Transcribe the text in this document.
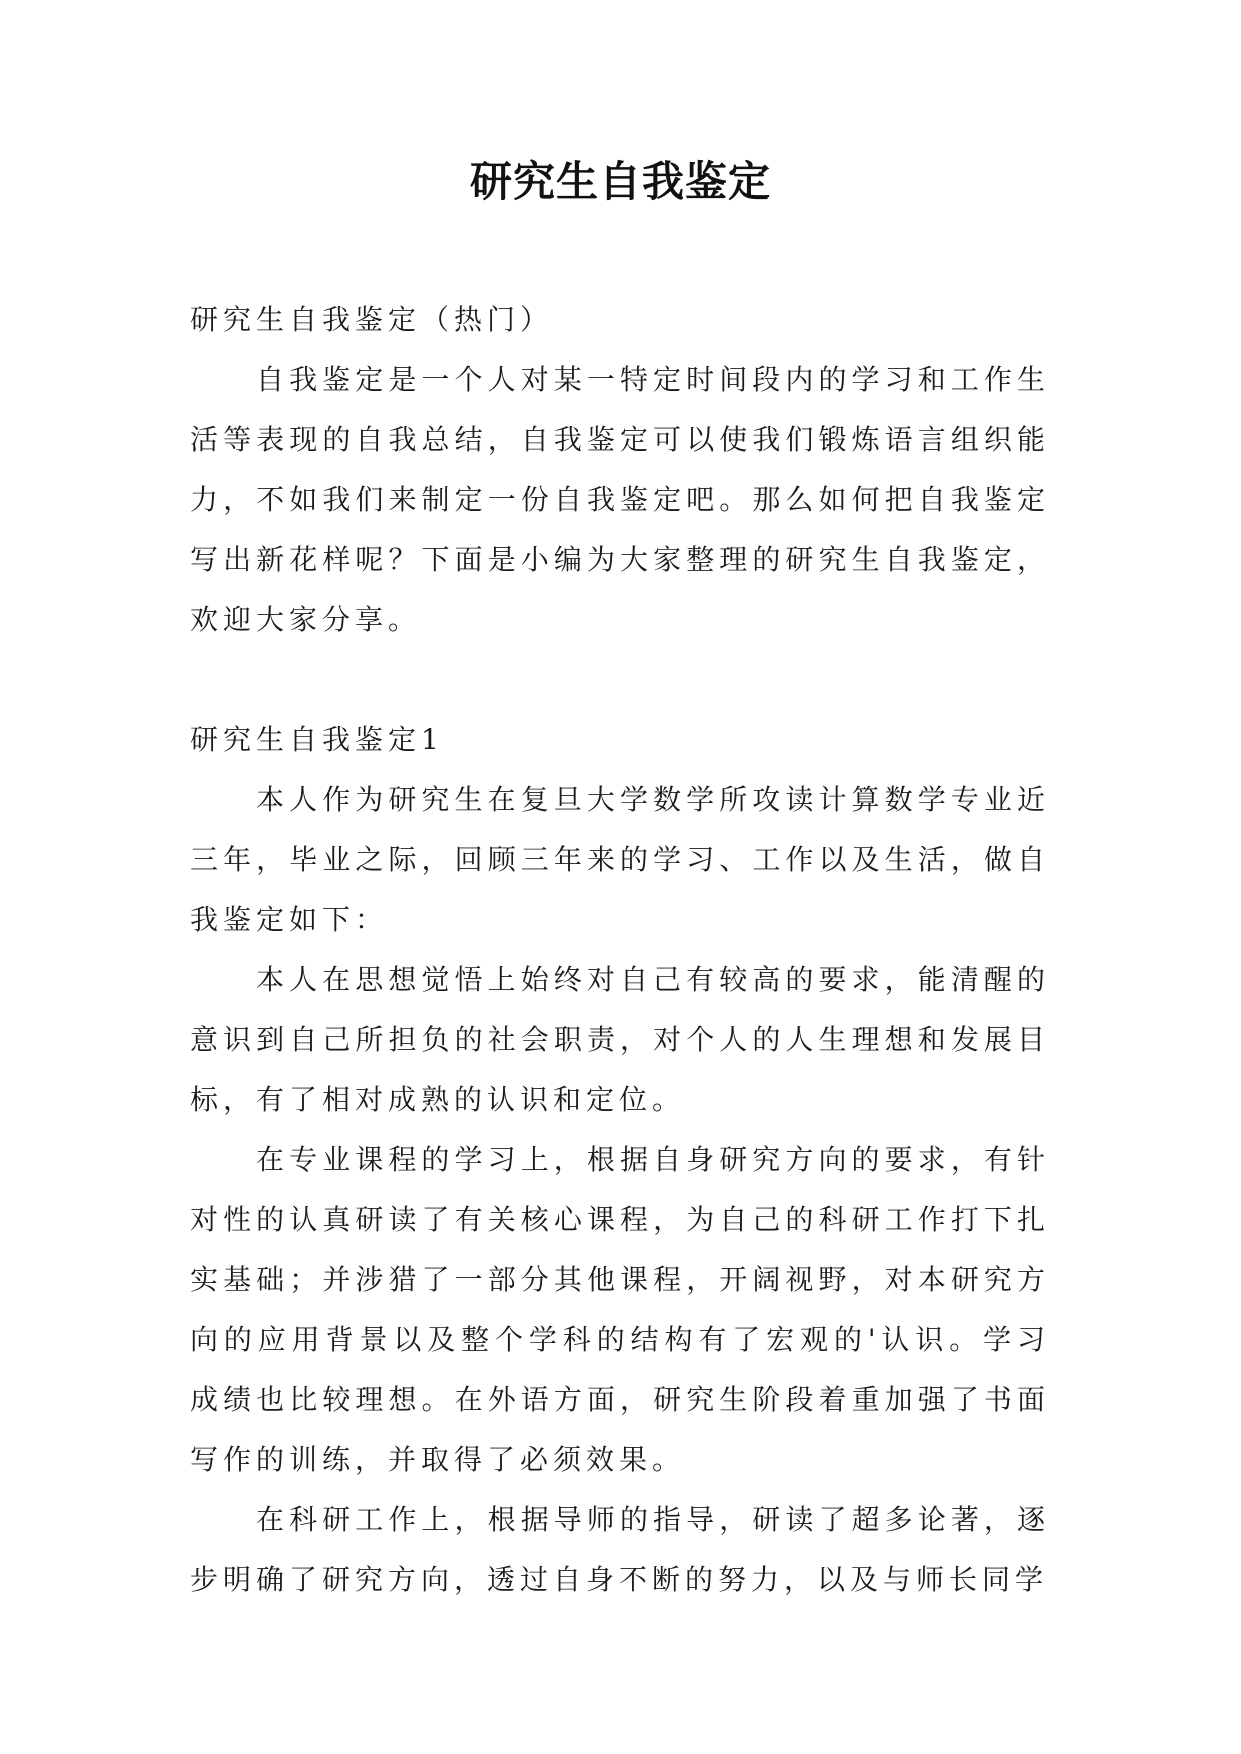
研究生自我鉴定

研究生自我鉴定（热门）

自我鉴定是一个人对某一特定时间段内的学习和工作生活等表现的自我总结，自我鉴定可以使我们锻炼语言组织能力，不如我们来制定一份自我鉴定吧。那么如何把自我鉴定写出新花样呢？下面是小编为大家整理的研究生自我鉴定，欢迎大家分享。

研究生自我鉴定1

本人作为研究生在复旦大学数学所攻读计算数学专业近三年，毕业之际，回顾三年来的学习、工作以及生活，做自我鉴定如下：

本人在思想觉悟上始终对自己有较高的要求，能清醒的意识到自己所担负的社会职责，对个人的人生理想和发展目标，有了相对成熟的认识和定位。

在专业课程的学习上，根据自身研究方向的要求，有针对性的认真研读了有关核心课程，为自己的科研工作打下扎实基础；并涉猎了一部分其他课程，开阔视野，对本研究方向的应用背景以及整个学科的结构有了宏观的'认识。学习成绩也比较理想。在外语方面，研究生阶段着重加强了书面写作的训练，并取得了必须效果。

在科研工作上，根据导师的指导，研读了超多论著，逐步明确了研究方向，透过自身不断的努力，以及与师长同学
